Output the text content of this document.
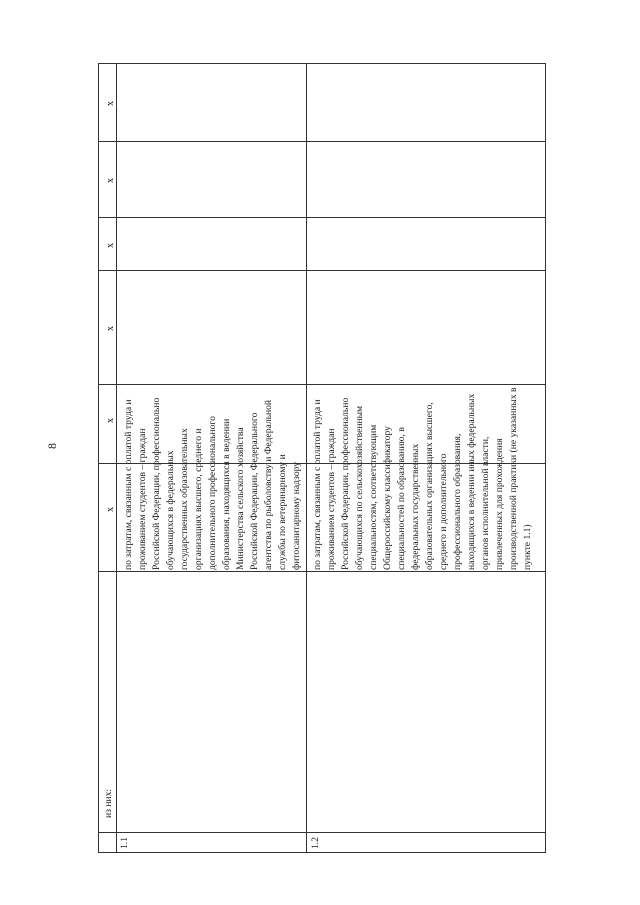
8
из них:
1.1
по затратам, связанным с оплатой труда и проживанием студентов – граждан Российской Федерации, профессионально обучающихся в федеральных государственных образовательных организациях высшего, среднего и дополнительного профессионального образования, находящихся в ведении Министерства сельского хозяйства Российской Федерации, Федерального агентства по рыболовству и Федеральной службы по ветеринарному и фитосанитарному надзору
x
x
x
x
x
x
1.2
по затратам, связанным с оплатой труда и проживанием студентов – граждан Российской Федерации, профессионально обучающихся по сельскохозяйственным специальностям, соответствующим Общероссийскому классификатору специальностей по образованию, в федеральных государственных образовательных организациях высшего, среднего и дополнительного профессионального образования, находящихся в ведении иных федеральных органов исполнительной власти, привлеченных для прохождения производственной практики (не указанных в пункте 1.1)
